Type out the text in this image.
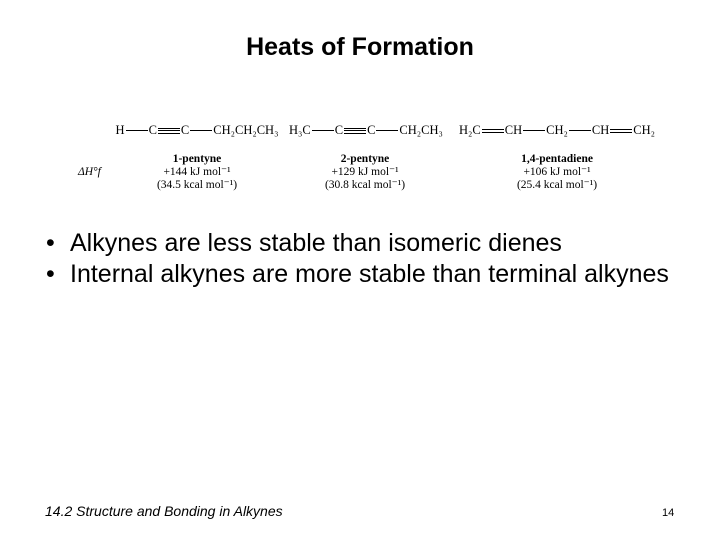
Heats of Formation
ΔH°f
H C C CH₂CH₂CH₃
1-pentyne
+144 kJ mol⁻¹
(34.5 kcal mol⁻¹)
H₃C C C CH₂CH₃
2-pentyne
+129 kJ mol⁻¹
(30.8 kcal mol⁻¹)
H₂C CH CH₂ CH CH₂
1,4-pentadiene
+106 kJ mol⁻¹
(25.4 kcal mol⁻¹)
• Alkynes are less stable than isomeric dienes
• Internal alkynes are more stable than terminal alkynes
14.2 Structure and Bonding in Alkynes	14
